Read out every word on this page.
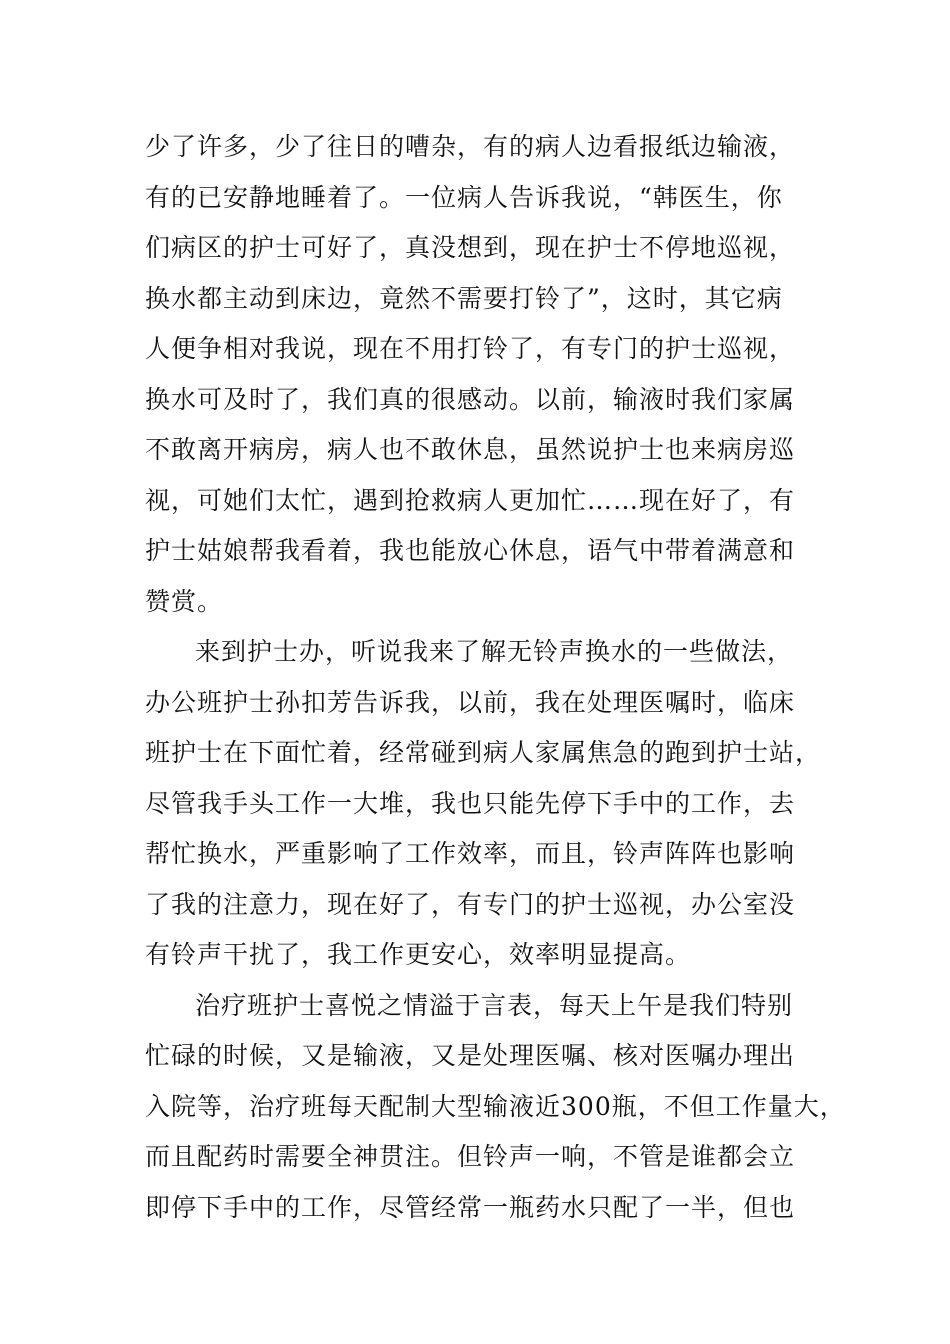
少了许多，少了往日的嘈杂，有的病人边看报纸边输液，
有的已安静地睡着了。一位病人告诉我说，“韩医生，你
们病区的护士可好了，真没想到，现在护士不停地巡视，
换水都主动到床边，竟然不需要打铃了”，这时，其它病
人便争相对我说，现在不用打铃了，有专门的护士巡视，
换水可及时了，我们真的很感动。以前，输液时我们家属
不敢离开病房，病人也不敢休息，虽然说护士也来病房巡
视，可她们太忙，遇到抢救病人更加忙……现在好了，有
护士姑娘帮我看着，我也能放心休息，语气中带着满意和
赞赏。
来到护士办，听说我来了解无铃声换水的一些做法，
办公班护士孙扣芳告诉我，以前，我在处理医嘱时，临床
班护士在下面忙着，经常碰到病人家属焦急的跑到护士站，
尽管我手头工作一大堆，我也只能先停下手中的工作，去
帮忙换水，严重影响了工作效率，而且，铃声阵阵也影响
了我的注意力，现在好了，有专门的护士巡视，办公室没
有铃声干扰了，我工作更安心，效率明显提高。
治疗班护士喜悦之情溢于言表，每天上午是我们特别
忙碌的时候，又是输液，又是处理医嘱、核对医嘱办理出
入院等，治疗班每天配制大型输液近300瓶，不但工作量大，
而且配药时需要全神贯注。但铃声一响，不管是谁都会立
即停下手中的工作，尽管经常一瓶药水只配了一半，但也
